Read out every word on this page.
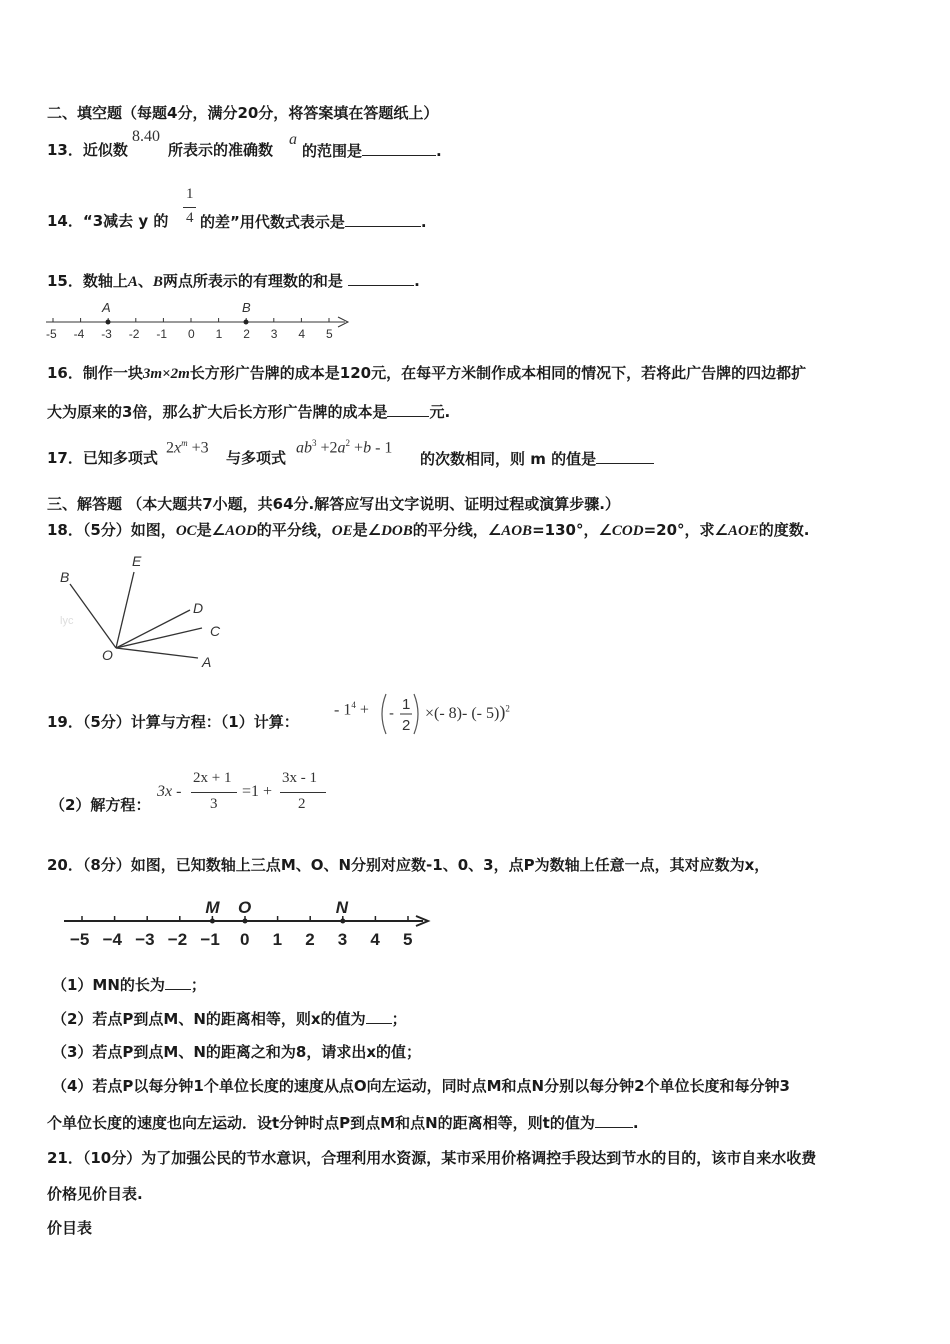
二、填空题（每题4分，满分20分，将答案填在答题纸上）
13．近似数
8.40
所表示的准确数
a
的范围是	.
14．“3减去 y 的
1
4 的差”用代数式表示是	.
15．数轴上A、B两点所表示的有理数的和是	.
-5 -4 -3 -2 -1 0 1 2 3 4 5
A	B
16．制作一块3m×2m长方形广告牌的成本是120元，在每平方米制作成本相同的情况下，若将此广告牌的四边都扩
大为原来的3倍，那么扩大后长方形广告牌的成本是	元.
17．已知多项式
$2x^m +3$
与多项式
$ab^3 +2a^2 +b - 1$
的次数相同，则 m 的值是
三、解答题 （本大题共7小题，共64分.解答应写出文字说明、证明过程或演算步骤.）
18．（5分）如图，OC是∠AOD的平分线，OE是∠DOB的平分线，∠AOB=130°，∠COD=20°，求∠AOE的度数.
B
E
D
C
O	A
lyc
19．（5分）计算与方程：（1）计算：
- $1^4$ + -
1
2
×(- 8)- (- 5))$^2$
（2）解方程：
3x -
2x + 1
3
=1 +
3x - 1
2
20．（8分）如图，已知数轴上三点M、O、N分别对应数-1、0、3，点P为数轴上任意一点，其对应数为x，
−5 −4 −3 −2 −1 0 1 2 3 4 5
M O	N
（1）MN的长为 ；
（2）若点P到点M、N的距离相等，则x的值为 ；
（3）若点P到点M、N的距离之和为8，请求出x的值；
（4）若点P以每分钟1个单位长度的速度从点O向左运动，同时点M和点N分别以每分钟2个单位长度和每分钟3
个单位长度的速度也向左运动．设t分钟时点P到点M和点N的距离相等，则t的值为	.
21．（10分）为了加强公民的节水意识，合理利用水资源，某市采用价格调控手段达到节水的目的，该市自来水收费
价格见价目表.
价目表
